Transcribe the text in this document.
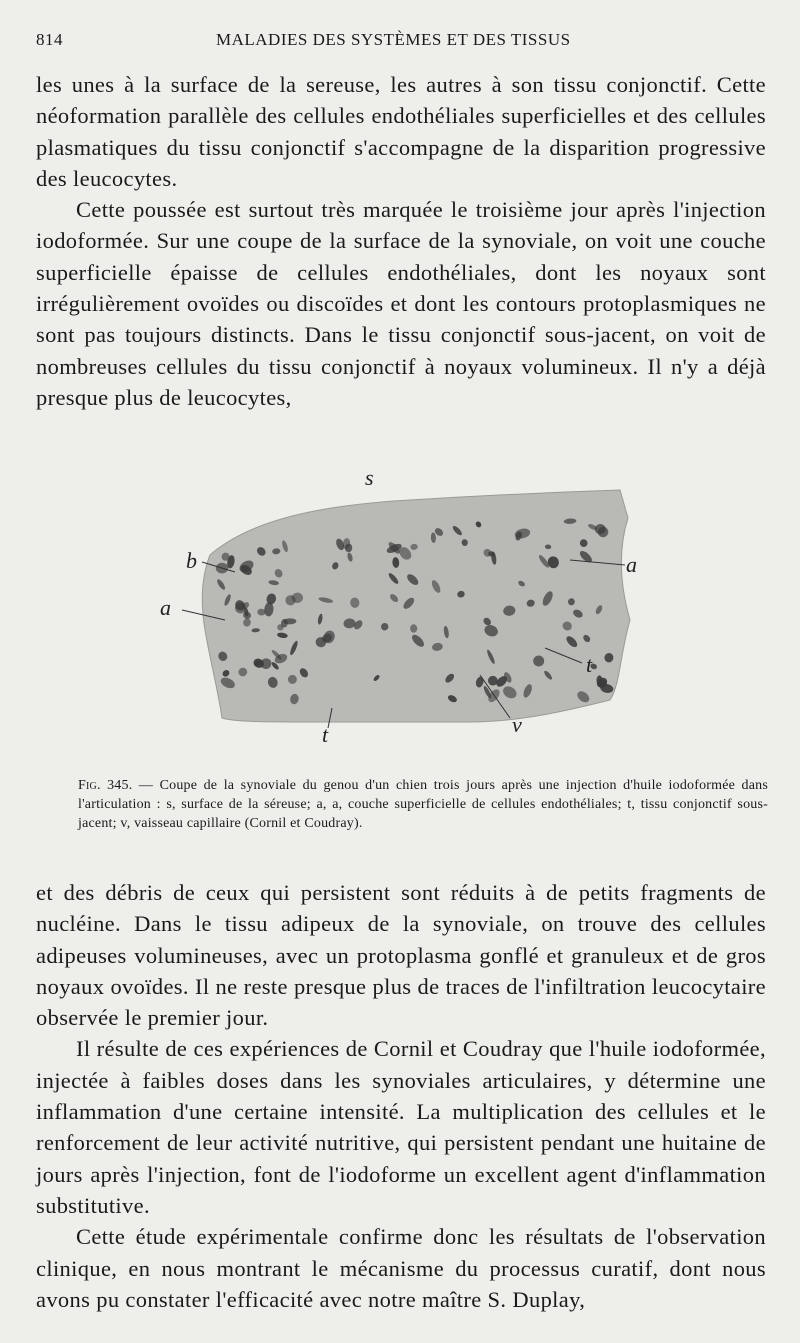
814	MALADIES DES SYSTÈMES ET DES TISSUS

les unes à la surface de la sereuse, les autres à son tissu conjonctif. Cette néoformation parallèle des cellules endothéliales superficielles et des cellules plasmatiques du tissu conjonctif s'accompagne de la disparition progressive des leucocytes.

Cette poussée est surtout très marquée le troisième jour après l'injection iodoformée. Sur une coupe de la surface de la synoviale, on voit une couche superficielle épaisse de cellules endothéliales, dont les noyaux sont irrégulièrement ovoïdes ou discoïdes et dont les contours protoplasmiques ne sont pas toujours distincts. Dans le tissu conjonctif sous-jacent, on voit de nombreuses cellules du tissu conjonctif à noyaux volumineux. Il n'y a déjà presque plus de leucocytes,

s
b
a
a
t
t	v

Fig. 345. — Coupe de la synoviale du genou d'un chien trois jours après une injection d'huile iodoformée dans l'articulation : s, surface de la séreuse; a, a, couche superficielle de cellules endothéliales; t, tissu conjonctif sous-jacent; v, vaisseau capillaire (Cornil et Coudray).

et des débris de ceux qui persistent sont réduits à de petits fragments de nucléine. Dans le tissu adipeux de la synoviale, on trouve des cellules adipeuses volumineuses, avec un protoplasma gonflé et granuleux et de gros noyaux ovoïdes. Il ne reste presque plus de traces de l'infiltration leucocytaire observée le premier jour.

Il résulte de ces expériences de Cornil et Coudray que l'huile iodoformée, injectée à faibles doses dans les synoviales articulaires, y détermine une inflammation d'une certaine intensité. La multiplication des cellules et le renforcement de leur activité nutritive, qui persistent pendant une huitaine de jours après l'injection, font de l'iodoforme un excellent agent d'inflammation substitutive.

Cette étude expérimentale confirme donc les résultats de l'observation clinique, en nous montrant le mécanisme du processus curatif, dont nous avons pu constater l'efficacité avec notre maître S. Duplay,
